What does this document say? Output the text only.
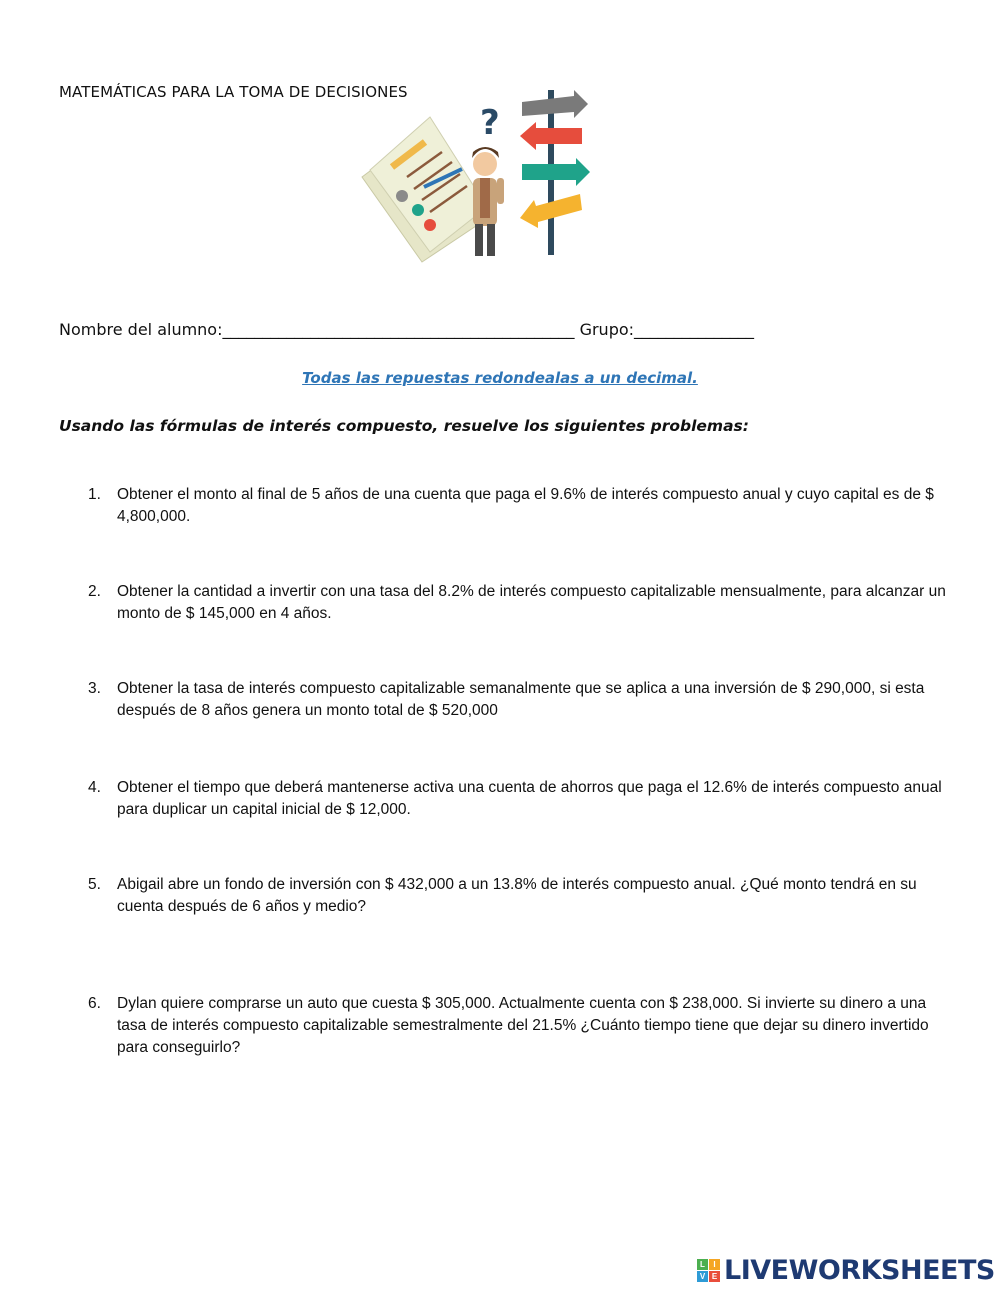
MATEMÁTICAS PARA LA TOMA DE DECISIONES
?
Nombre del alumno:____________________________________________ Grupo:_______________
Todas las repuestas redondealas a un decimal.
Usando las fórmulas de interés compuesto, resuelve los siguientes problemas:
1.	Obtener el monto al final de 5 años de una cuenta que paga el 9.6% de interés compuesto anual y cuyo capital es de $ 4,800,000.
2.	Obtener la cantidad a invertir con una tasa del 8.2% de interés compuesto capitalizable mensualmente, para alcanzar un monto de $ 145,000 en 4 años.
3.	Obtener la tasa de interés compuesto capitalizable semanalmente que se aplica a una inversión de $ 290,000, si esta después de 8 años genera un monto total de $ 520,000
4.	Obtener el tiempo que deberá mantenerse activa una cuenta de ahorros que paga el 12.6% de interés compuesto anual para duplicar un capital inicial de $ 12,000.
5.	Abigail abre un fondo de inversión con $ 432,000 a un 13.8% de interés compuesto anual. ¿Qué monto tendrá en su cuenta después de 6 años y medio?
6.	Dylan quiere comprarse un auto que cuesta $ 305,000. Actualmente cuenta con $ 238,000. Si invierte su dinero a una tasa de interés compuesto capitalizable semestralmente del 21.5% ¿Cuánto tiempo tiene que dejar su dinero invertido para conseguirlo?
L	I
V E LIVEWORKSHEETS
